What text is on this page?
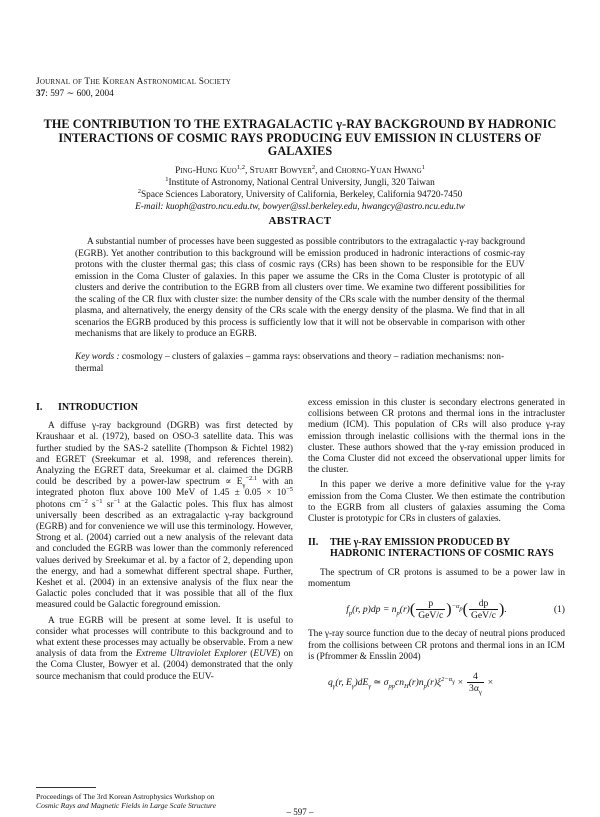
Journal of The Korean Astronomical Society
37: 597 ∼ 600, 2004
THE CONTRIBUTION TO THE EXTRAGALACTIC γ-RAY BACKGROUND BY HADRONIC INTERACTIONS OF COSMIC RAYS PRODUCING EUV EMISSION IN CLUSTERS OF GALAXIES
Ping-Hung Kuo$^{1,2}$, Stuart Bowyer$^2$, and Chorng-Yuan Hwang$^1$
$^1$Institute of Astronomy, National Central University, Jungli, 320 Taiwan
$^2$Space Sciences Laboratory, University of California, Berkeley, California 94720-7450
E-mail: kuoph@astro.ncu.edu.tw, bowyer@ssl.berkeley.edu, hwangcy@astro.ncu.edu.tw
ABSTRACT

A substantial number of processes have been suggested as possible contributors to the extragalactic γ-ray background (EGRB). Yet another contribution to this background will be emission produced in hadronic interactions of cosmic-ray protons with the cluster thermal gas; this class of cosmic rays (CRs) has been shown to be responsible for the EUV emission in the Coma Cluster of galaxies. In this paper we assume the CRs in the Coma Cluster is prototypic of all clusters and derive the contribution to the EGRB from all clusters over time. We examine two different possibilities for the scaling of the CR flux with cluster size: the number density of the CRs scale with the number density of the thermal plasma, and alternatively, the energy density of the CRs scale with the energy density of the plasma. We find that in all scenarios the EGRB produced by this process is sufficiently low that it will not be observable in comparison with other mechanisms that are likely to produce an EGRB.

Key words : cosmology – clusters of galaxies – gamma rays: observations and theory – radiation mechanisms: non-thermal

I.	INTRODUCTION

A diffuse γ-ray background (DGRB) was first detected by Kraushaar et al. (1972), based on OSO-3 satellite data. This was further studied by the SAS-2 satellite (Thompson & Fichtel 1982) and EGRET (Sreekumar et al. 1998, and references therein). Analyzing the EGRET data, Sreekumar et al. claimed the DGRB could be described by a power-law spectrum ∝ $E_\gamma^{-2.1}$ with an integrated photon flux above 100 MeV of $1.45 \pm 0.05 \times 10^{-5}$ photons $cm^{-2}$ $s^{-1}$ $sr^{-1}$ at the Galactic poles. This flux has almost universally been described as an extragalactic γ-ray background (EGRB) and for convenience we will use this terminology. However, Strong et al. (2004) carried out a new analysis of the relevant data and concluded the EGRB was lower than the commonly referenced values derived by Sreekumar et al. by a factor of 2, depending upon the energy, and had a somewhat different spectral shape. Further, Keshet et al. (2004) in an extensive analysis of the flux near the Galactic poles concluded that it was possible that all of the flux measured could be Galactic foreground emission.

A true EGRB will be present at some level. It is useful to consider what processes will contribute to this background and to what extent these processes may actually be observable. From a new analysis of data from the Extreme Ultraviolet Explorer (EUVE) on the Coma Cluster, Bowyer et al. (2004) demonstrated that the only source mechanism that could produce the EUV-

excess emission in this cluster is secondary electrons generated in collisions between CR protons and thermal ions in the intracluster medium (ICM). This population of CRs will also produce γ-ray emission through inelastic collisions with the thermal ions in the cluster. These authors showed that the γ-ray emission produced in the Coma Cluster did not exceed the observational upper limits for the cluster.

In this paper we derive a more definitive value for the γ-ray emission from the Coma Cluster. We then estimate the contribution to the EGRB from all clusters of galaxies assuming the Coma Cluster is prototypic for CRs in clusters of galaxies.

II.	THE γ-RAY EMISSION PRODUCED BY HADRONIC INTERACTIONS OF COSMIC RAYS

The spectrum of CR protons is assumed to be a power law in momentum

$f_p(r$, $p)dp = n_p(r)( \frac{p}{\text{GeV/c}} )^{-\alpha_p}( \frac{dp}{\text{GeV/c}}$ ).	(1)

The γ-ray source function due to the decay of neutral pions produced from the collisions between CR protons and thermal ions in an ICM is (Pfrommer & Ensslin 2004)

$q_\gamma(r$, $E_\gamma)dE_\gamma$ ≃ $\sigma_{pp}cn_H(r)n_p(r)\xi^{2-\alpha_\gamma} \times \frac{4}{3\alpha_\gamma}$ ×
Proceedings of The 3rd Korean Astrophysics Workshop on
Cosmic Rays and Magnetic Fields in Large Scale Structure
– 597 –
